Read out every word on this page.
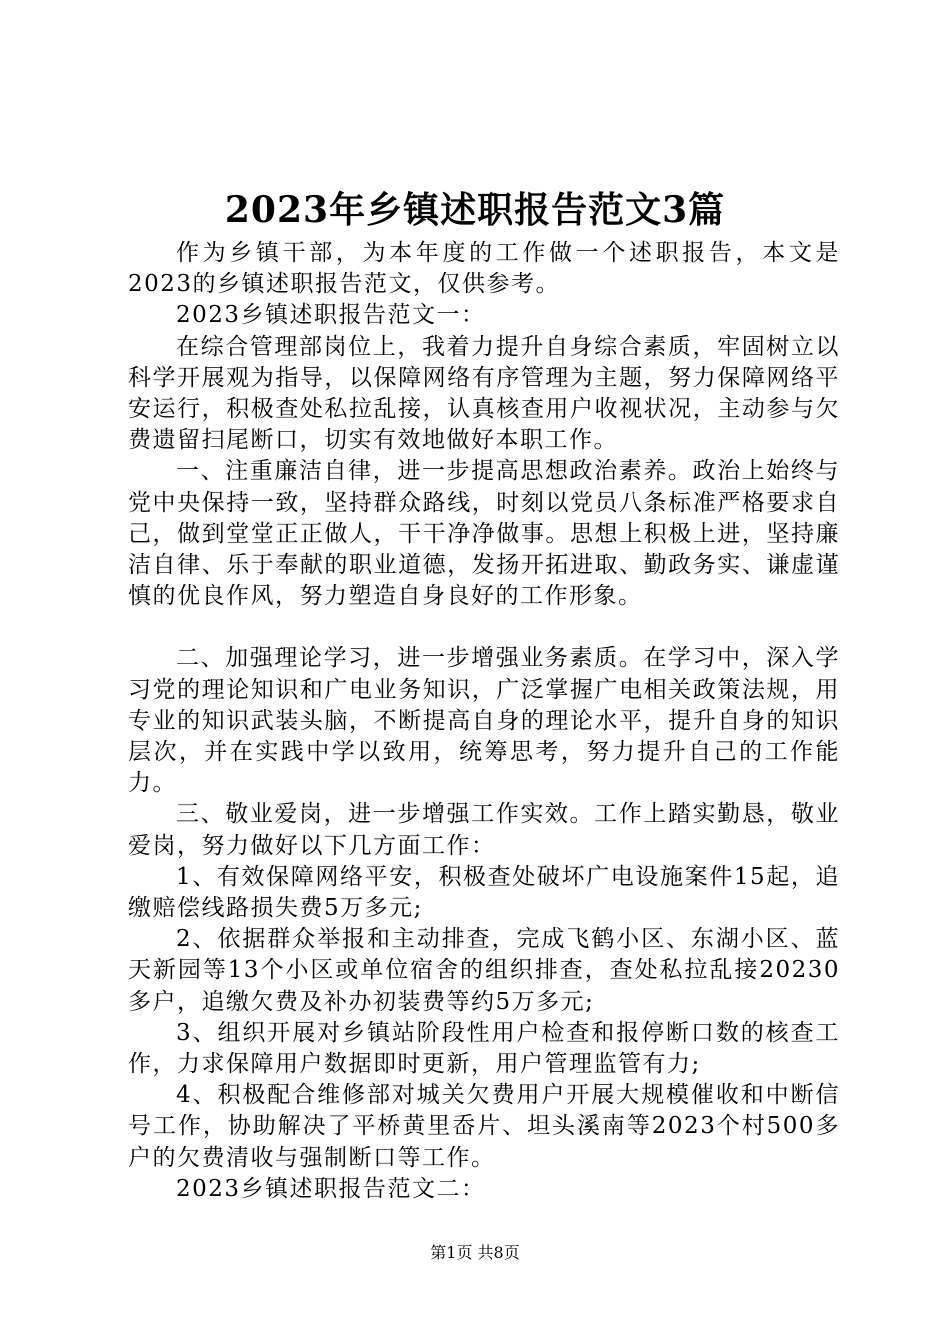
2023年乡镇述职报告范文3篇

作为乡镇干部，为本年度的工作做一个述职报告，本文是2023的乡镇述职报告范文，仅供参考。

2023乡镇述职报告范文一：

在综合管理部岗位上，我着力提升自身综合素质，牢固树立以科学开展观为指导，以保障网络有序管理为主题，努力保障网络平安运行，积极查处私拉乱接，认真核查用户收视状况，主动参与欠费遗留扫尾断口，切实有效地做好本职工作。

一、注重廉洁自律，进一步提高思想政治素养。政治上始终与党中央保持一致，坚持群众路线，时刻以党员八条标准严格要求自己，做到堂堂正正做人，干干净净做事。思想上积极上进，坚持廉洁自律、乐于奉献的职业道德，发扬开拓进取、勤政务实、谦虚谨慎的优良作风，努力塑造自身良好的工作形象。

二、加强理论学习，进一步增强业务素质。在学习中，深入学习党的理论知识和广电业务知识，广泛掌握广电相关政策法规，用专业的知识武装头脑，不断提高自身的理论水平，提升自身的知识层次，并在实践中学以致用，统筹思考，努力提升自己的工作能力。

三、敬业爱岗，进一步增强工作实效。工作上踏实勤恳，敬业爱岗，努力做好以下几方面工作：

1、有效保障网络平安，积极查处破坏广电设施案件15起，追缴赔偿线路损失费5万多元;

2、依据群众举报和主动排查，完成飞鹤小区、东湖小区、蓝天新园等13个小区或单位宿舍的组织排查，查处私拉乱接20230多户，追缴欠费及补办初装费等约5万多元;

3、组织开展对乡镇站阶段性用户检查和报停断口数的核查工作，力求保障用户数据即时更新，用户管理监管有力;

4、积极配合维修部对城关欠费用户开展大规模催收和中断信号工作，协助解决了平桥黄里岙片、坦头溪南等2023个村500多户的欠费清收与强制断口等工作。

2023乡镇述职报告范文二：

第1页 共8页
